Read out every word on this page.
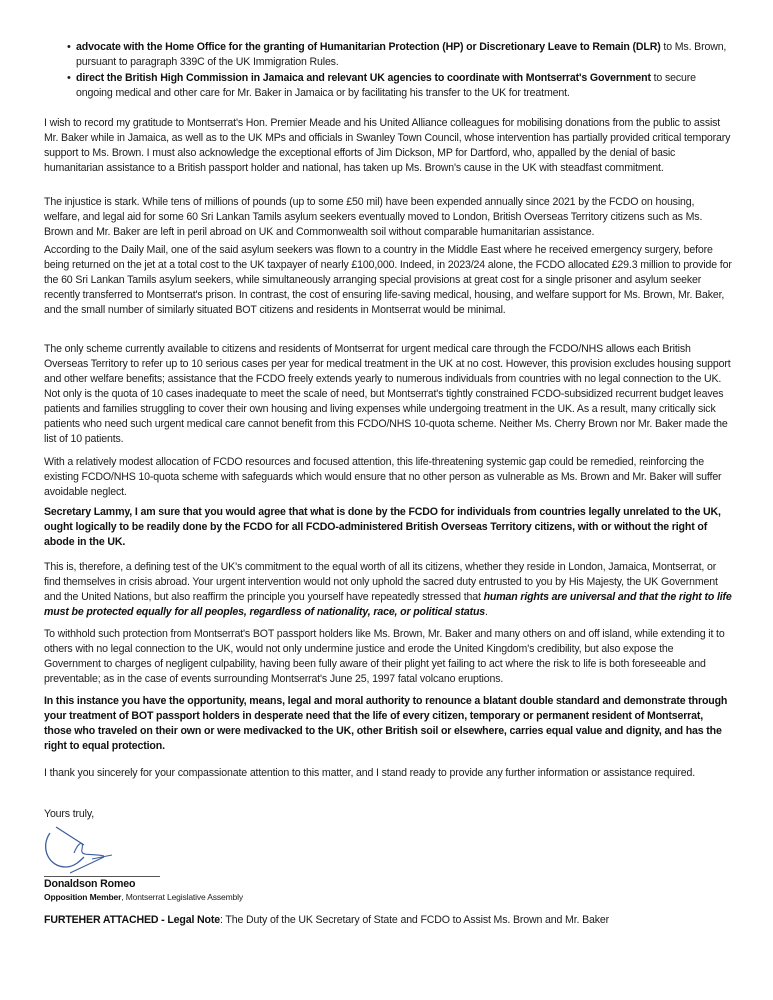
• advocate with the Home Office for the granting of Humanitarian Protection (HP) or Discretionary Leave to Remain (DLR) to Ms. Brown, pursuant to paragraph 339C of the UK Immigration Rules.
• direct the British High Commission in Jamaica and relevant UK agencies to coordinate with Montserrat's Government to secure ongoing medical and other care for Mr. Baker in Jamaica or by facilitating his transfer to the UK for treatment.

I wish to record my gratitude to Montserrat's Hon. Premier Meade and his United Alliance colleagues for mobilising donations from the public to assist Mr. Baker while in Jamaica, as well as to the UK MPs and officials in Swanley Town Council, whose intervention has partially provided critical temporary support to Ms. Brown. I must also acknowledge the exceptional efforts of Jim Dickson, MP for Dartford, who, appalled by the denial of basic humanitarian assistance to a British passport holder and national, has taken up Ms. Brown's cause in the UK with steadfast commitment.

The injustice is stark. While tens of millions of pounds (up to some £50 mil) have been expended annually since 2021 by the FCDO on housing, welfare, and legal aid for some 60 Sri Lankan Tamils asylum seekers eventually moved to London, British Overseas Territory citizens such as Ms. Brown and Mr. Baker are left in peril abroad on UK and Commonwealth soil without comparable humanitarian assistance.

According to the Daily Mail, one of the said asylum seekers was flown to a country in the Middle East where he received emergency surgery, before being returned on the jet at a total cost to the UK taxpayer of nearly £100,000. Indeed, in 2023/24 alone, the FCDO allocated £29.3 million to provide for the 60 Sri Lankan Tamils asylum seekers, while simultaneously arranging special provisions at great cost for a single prisoner and asylum seeker recently transferred to Montserrat's prison. In contrast, the cost of ensuring life-saving medical, housing, and welfare support for Ms. Brown, Mr. Baker, and the small number of similarly situated BOT citizens and residents in Montserrat would be minimal.

The only scheme currently available to citizens and residents of Montserrat for urgent medical care through the FCDO/NHS allows each British Overseas Territory to refer up to 10 serious cases per year for medical treatment in the UK at no cost. However, this provision excludes housing support and other welfare benefits; assistance that the FCDO freely extends yearly to numerous individuals from countries with no legal connection to the UK. Not only is the quota of 10 cases inadequate to meet the scale of need, but Montserrat's tightly constrained FCDO-subsidized recurrent budget leaves patients and families struggling to cover their own housing and living expenses while undergoing treatment in the UK. As a result, many critically sick patients who need such urgent medical care cannot benefit from this FCDO/NHS 10-quota scheme. Neither Ms. Cherry Brown nor Mr. Baker made the list of 10 patients.

With a relatively modest allocation of FCDO resources and focused attention, this life-threatening systemic gap could be remedied, reinforcing the existing FCDO/NHS 10-quota scheme with safeguards which would ensure that no other person as vulnerable as Ms. Brown and Mr. Baker will suffer avoidable neglect.

Secretary Lammy, I am sure that you would agree that what is done by the FCDO for individuals from countries legally unrelated to the UK, ought logically to be readily done by the FCDO for all FCDO-administered British Overseas Territory citizens, with or without the right of abode in the UK.

This is, therefore, a defining test of the UK's commitment to the equal worth of all its citizens, whether they reside in London, Jamaica, Montserrat, or find themselves in crisis abroad. Your urgent intervention would not only uphold the sacred duty entrusted to you by His Majesty, the UK Government and the United Nations, but also reaffirm the principle you yourself have repeatedly stressed that human rights are universal and that the right to life must be protected equally for all peoples, regardless of nationality, race, or political status.

To withhold such protection from Montserrat's BOT passport holders like Ms. Brown, Mr. Baker and many others on and off island, while extending it to others with no legal connection to the UK, would not only undermine justice and erode the United Kingdom's credibility, but also expose the Government to charges of negligent culpability, having been fully aware of their plight yet failing to act where the risk to life is both foreseeable and preventable; as in the case of events surrounding Montserrat's June 25, 1997 fatal volcano eruptions.

In this instance you have the opportunity, means, legal and moral authority to renounce a blatant double standard and demonstrate through your treatment of BOT passport holders in desperate need that the life of every citizen, temporary or permanent resident of Montserrat, those who traveled on their own or were medivacked to the UK, other British soil or elsewhere, carries equal value and dignity, and has the right to equal protection.

I thank you sincerely for your compassionate attention to this matter, and I stand ready to provide any further information or assistance required.

Yours truly,

Donaldson Romeo

Opposition Member, Montserrat Legislative Assembly

FURTEHER ATTACHED - Legal Note: The Duty of the UK Secretary of State and FCDO to Assist Ms. Brown and Mr. Baker
